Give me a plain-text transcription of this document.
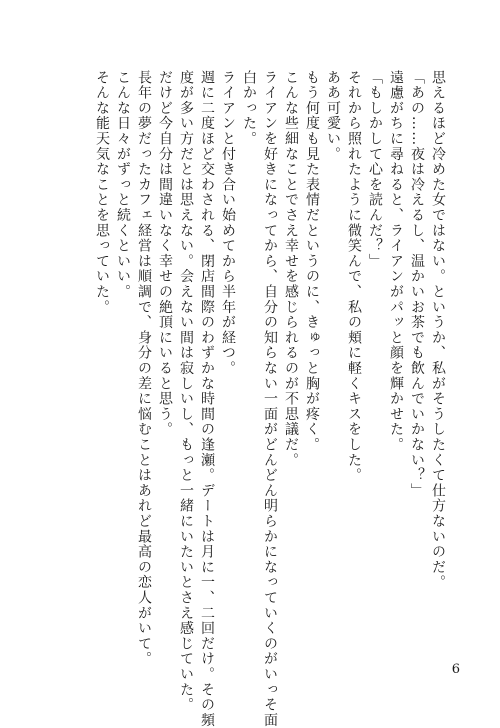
思えるほど冷めた女ではない。というか、私がそうしたくて仕方ないのだ。
「あの……夜は冷えるし、温かいお茶でも飲んでいかない？」
遠慮がちに尋ねると、ライアンがパッと顔を輝かせた。
「もしかして心を読んだ？」
それから照れたように微笑んで、私の頬に軽くキスをした。
ああ可愛い。
もう何度も見た表情だというのに、きゅっと胸が疼く。
こんな些細なことでさえ幸せを感じられるのが不思議だ。
ライアンを好きになってから、自分の知らない一面がどんどん明らかになっていくのがいっそ面
白かった。
ライアンと付き合い始めてから半年が経つ。
週に二度ほど交わされる、閉店間際のわずかな時間の逢瀬。デートは月に一、二回だけ。その頻
度が多い方だとは思えない。会えない間は寂しいし、もっと一緒にいたいとさえ感じていた。
だけど今自分は間違いなく幸せの絶頂にいると思う。
長年の夢だったカフェ経営は順調で、身分の差に悩むことはあれど最高の恋人がいて。
こんな日々がずっと続くといい。
そんな能天気なことを思っていた。
6
